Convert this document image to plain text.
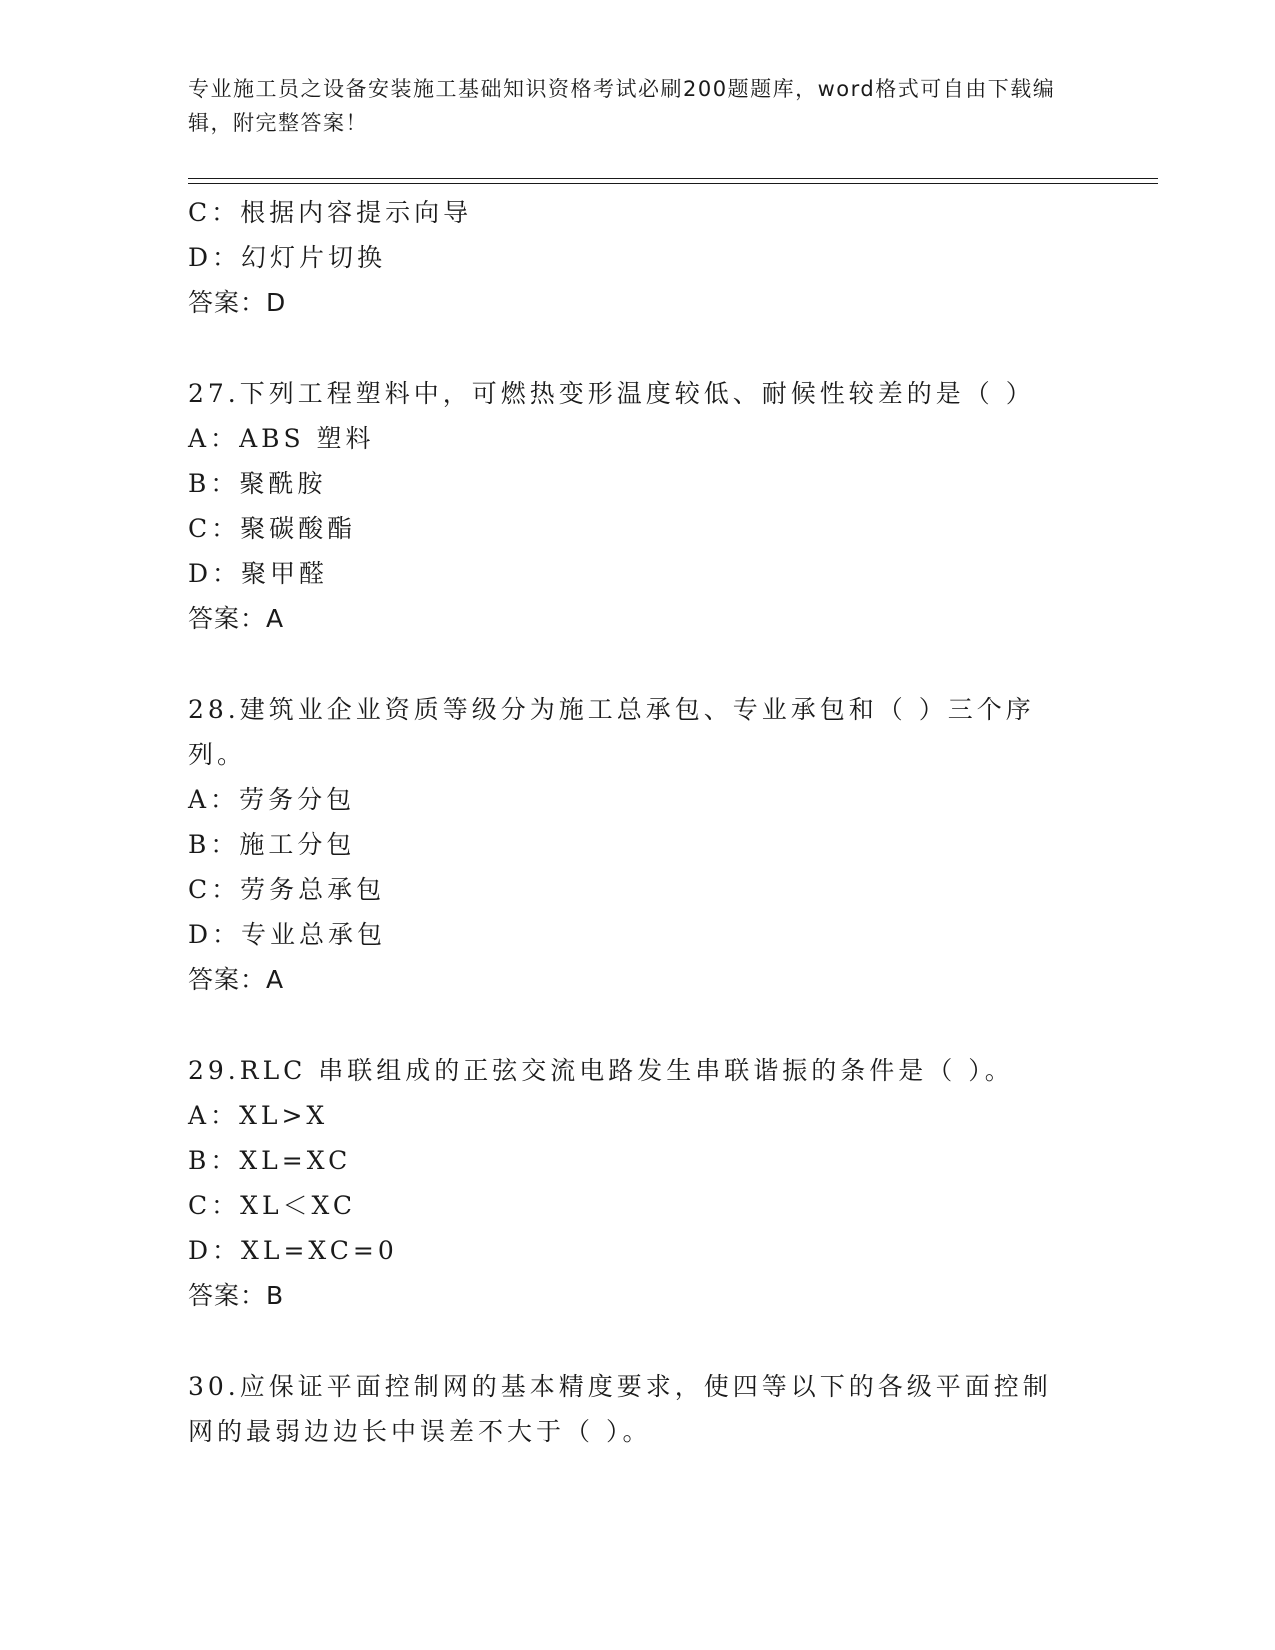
专业施工员之设备安装施工基础知识资格考试必刷200题题库，word格式可自由下载编辑，附完整答案！
C：根据内容提示向导
D：幻灯片切换
答案：D
27.下列工程塑料中，可燃热变形温度较低、耐候性较差的是（ ）
A：ABS 塑料
B：聚酰胺
C：聚碳酸酯
D：聚甲醛
答案：A
28.建筑业企业资质等级分为施工总承包、专业承包和（ ）三个序列。
A：劳务分包
B：施工分包
C：劳务总承包
D：专业总承包
答案：A
29.RLC 串联组成的正弦交流电路发生串联谐振的条件是（ ）。
A：XL>X
B：XL=XC
C：XL＜XC
D：XL=XC=0
答案：B
30.应保证平面控制网的基本精度要求，使四等以下的各级平面控制网的最弱边边长中误差不大于（ ）。
